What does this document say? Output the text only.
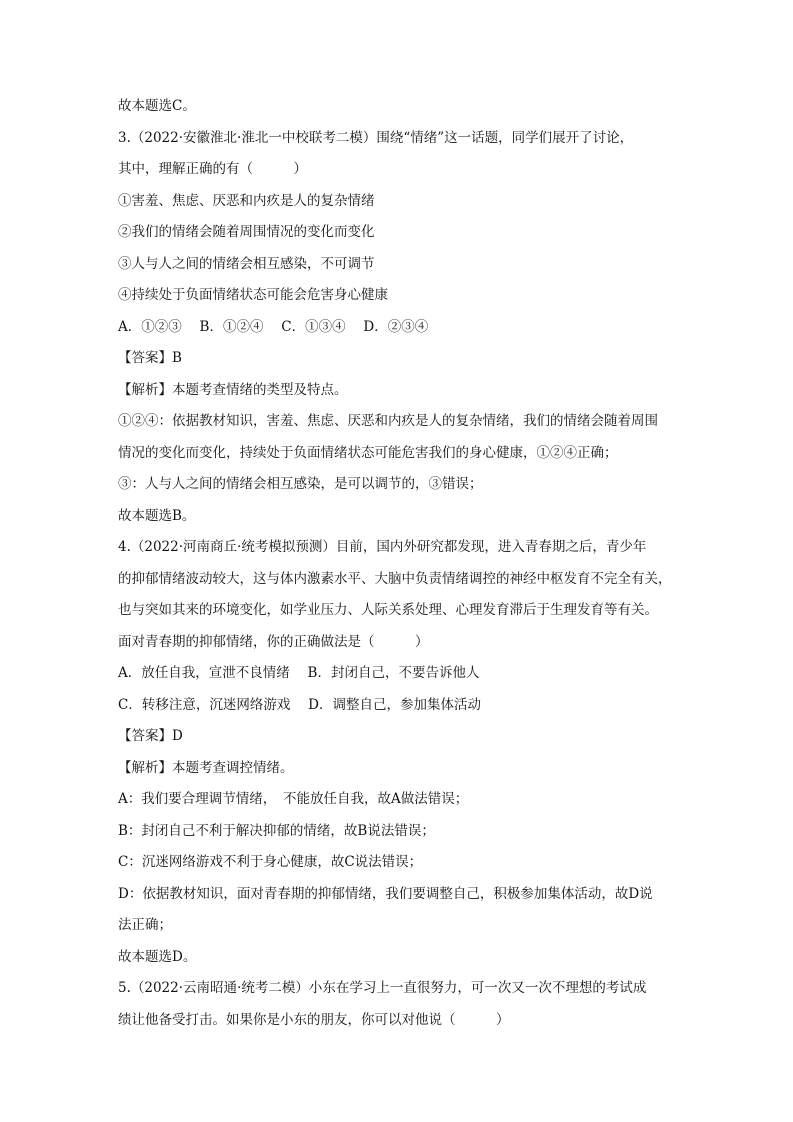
故本题选C。
3.（2022·安徽淮北·淮北一中校联考二模）围绕“情绪”这一话题，同学们展开了讨论，
其中，理解正确的有（　　　）
①害羞、焦虑、厌恶和内疚是人的复杂情绪
②我们的情绪会随着周围情况的变化而变化
③人与人之间的情绪会相互感染，不可调节
④持续处于负面情绪状态可能会危害身心健康
A．①②③　 B．①②④　 C．①③④　 D．②③④
【答案】B
【解析】本题考查情绪的类型及特点。
①②④：依据教材知识，害羞、焦虑、厌恶和内疚是人的复杂情绪，我们的情绪会随着周围
情况的变化而变化，持续处于负面情绪状态可能危害我们的身心健康，①②④正确；
③：人与人之间的情绪会相互感染，是可以调节的，③错误；
故本题选B。
4.（2022·河南商丘·统考模拟预测）目前，国内外研究都发现，进入青春期之后，青少年
的抑郁情绪波动较大，这与体内激素水平、大脑中负责情绪调控的神经中枢发育不完全有关，
也与突如其来的环境变化，如学业压力、人际关系处理、心理发育滞后于生理发育等有关。
面对青春期的抑郁情绪，你的正确做法是（　　　）
A．放任自我，宣泄不良情绪　 B．封闭自己，不要告诉他人
C．转移注意，沉迷网络游戏　 D．调整自己，参加集体活动
【答案】D
【解析】本题考查调控情绪。
A：我们要合理调节情绪，　不能放任自我，故A做法错误；
B：封闭自己不利于解决抑郁的情绪，故B说法错误；
C：沉迷网络游戏不利于身心健康，故C说法错误；
D：依据教材知识，面对青春期的抑郁情绪，我们要调整自己，积极参加集体活动，故D说
法正确；
故本题选D。
5.（2022·云南昭通·统考二模）小东在学习上一直很努力，可一次又一次不理想的考试成
绩让他备受打击。如果你是小东的朋友，你可以对他说（　　　）
